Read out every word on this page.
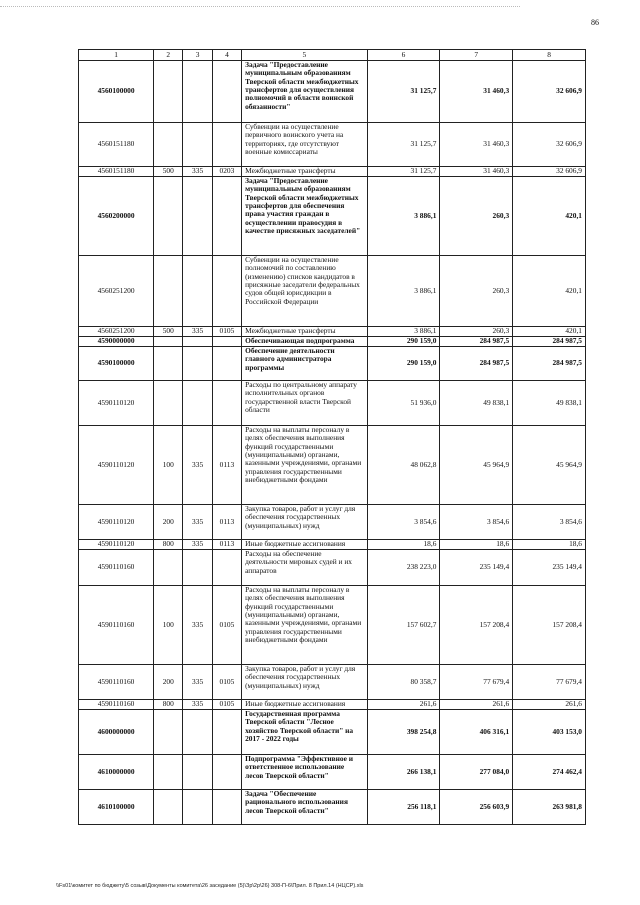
86
1	2	3	4	5	6	7	8
4560100000				Задача "Предоставление муниципальным образованиям Тверской области межбюджетных трансфертов для осуществления полномочий в области воинской обязанности"	31 125,7	31 460,3	32 606,9
4560151180				Субвенции на осуществление первичного воинского учета на территориях, где отсутствуют военные комиссариаты	31 125,7	31 460,3	32 606,9
4560151180	500	335	0203	Межбюджетные трансферты	31 125,7	31 460,3	32 606,9
4560200000				Задача "Предоставление муниципальным образованиям Тверской области межбюджетных трансфертов для обеспечения права участия граждан в осуществлении правосудия в качестве присяжных заседателей"	3 886,1	260,3	420,1
4560251200				Субвенции на осуществление полномочий по составлению (изменению) списков кандидатов в присяжные заседатели федеральных судов общей юрисдикции в Российской Федерации	3 886,1	260,3	420,1
4560251200	500	335	0105	Межбюджетные трансферты	3 886,1	260,3	420,1
4590000000				Обеспечивающая подпрограмма	290 159,0	284 987,5	284 987,5
4590100000				Обеспечение деятельности главного администратора программы	290 159,0	284 987,5	284 987,5
4590110120				Расходы по центральному аппарату исполнительных органов государственной власти Тверской области	51 936,0	49 838,1	49 838,1
4590110120	100	335	0113	Расходы на выплаты персоналу в целях обеспечения выполнения функций государственными (муниципальными) органами, казенными учреждениями, органами управления государственными внебюджетными фондами	48 062,8	45 964,9	45 964,9
4590110120	200	335	0113	Закупка товаров, работ и услуг для обеспечения государственных (муниципальных) нужд	3 854,6	3 854,6	3 854,6
4590110120	800	335	0113	Иные бюджетные ассигнования	18,6	18,6	18,6
4590110160				Расходы на обеспечение деятельности мировых судей и их аппаратов	238 223,0	235 149,4	235 149,4
4590110160	100	335	0105	Расходы на выплаты персоналу в целях обеспечения выполнения функций государственными (муниципальными) органами, казенными учреждениями, органами управления государственными внебюджетными фондами	157 602,7	157 208,4	157 208,4
4590110160	200	335	0105	Закупка товаров, работ и услуг для обеспечения государственных (муниципальных) нужд	80 358,7	77 679,4	77 679,4
4590110160	800	335	0105	Иные бюджетные ассигнования	261,6	261,6	261,6
4600000000				Государственная программа Тверской области "Лесное хозяйство Тверской области" на 2017 - 2022 годы	398 254,8	406 316,1	403 153,0
4610000000				Подпрограмма "Эффективное и ответственное использование лесов Тверской области"	266 138,1	277 084,0	274 462,4
4610100000				Задача "Обеспечение рационального использования лесов Тверской области"	256 118,1	256 603,9	263 981,8
\\Fs01\комитет по бюджету\5 созыв\Документы комитета\26 заседание (5)\Зр\2р\26) 308-П-6\Прил. 8 Прил.14 (НЦСР).xls
